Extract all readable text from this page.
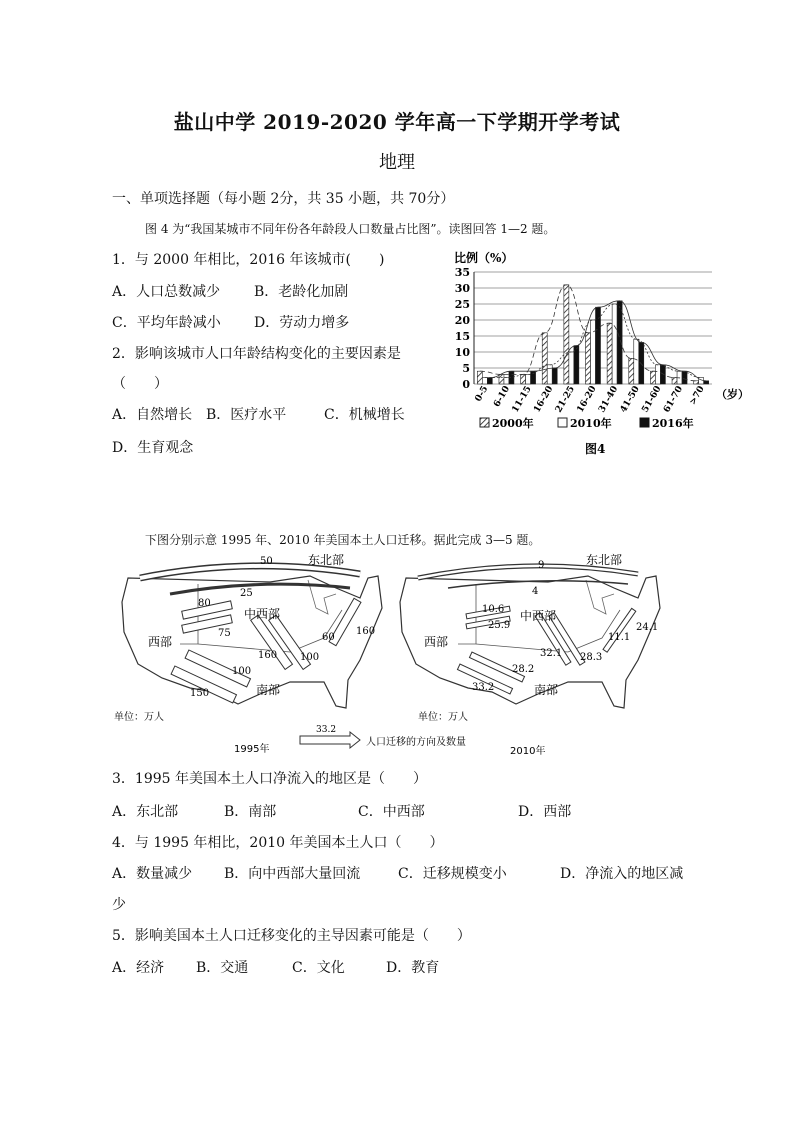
盐山中学 2019-2020 学年高一下学期开学考试
地理
一、单项选择题（每小题 2分，共 35 小题，共 70分）
图 4 为“我国某城市不同年份各年龄段人口数量占比图”。读图回答 1—2 题。
1．与 2000 年相比，2016 年该城市(　　)
A．人口总数减少 B．老龄化加剧
C．平均年龄减小 D．劳动力增多
2．影响该城市人口年龄结构变化的主要因素是
（　　）
A．自然增长 B．医疗水平	C．机械增长
D．生育观念
比例（%）
0
5
10
15
20
25
30
35
0-5 6-10
11-15
16-20
21-25
16-20
31-40
41-50
51-60
61-70 >70 （岁）
2000年	2010年	2016年
图4
下图分别示意 1995 年、2010 年美国本土人口迁移。据此完成 3—5 题。
50
25
80
75	160
60
100
160
100
150
东北部
中西部
西部
南部
单位：万人
1995年
33.2
人口迁移的方向及数量
9
4
10.6
25.9	24.1
11.1
32.1 28.3
28.2
33.2
东北部
中西部
西部
南部
单位：万人
2010年
3．1995 年美国本土人口净流入的地区是（　　）
A．东北部	B．南部	C．中西部	D．西部
4．与 1995 年相比，2010 年美国本土人口（　　）
A．数量减少 B．向中西部大量回流	C．迁移规模变小	D．净流入的地区减
少
5．影响美国本土人口迁移变化的主导因素可能是（　　）
A．经济 B．交通	C．文化	D．教育
